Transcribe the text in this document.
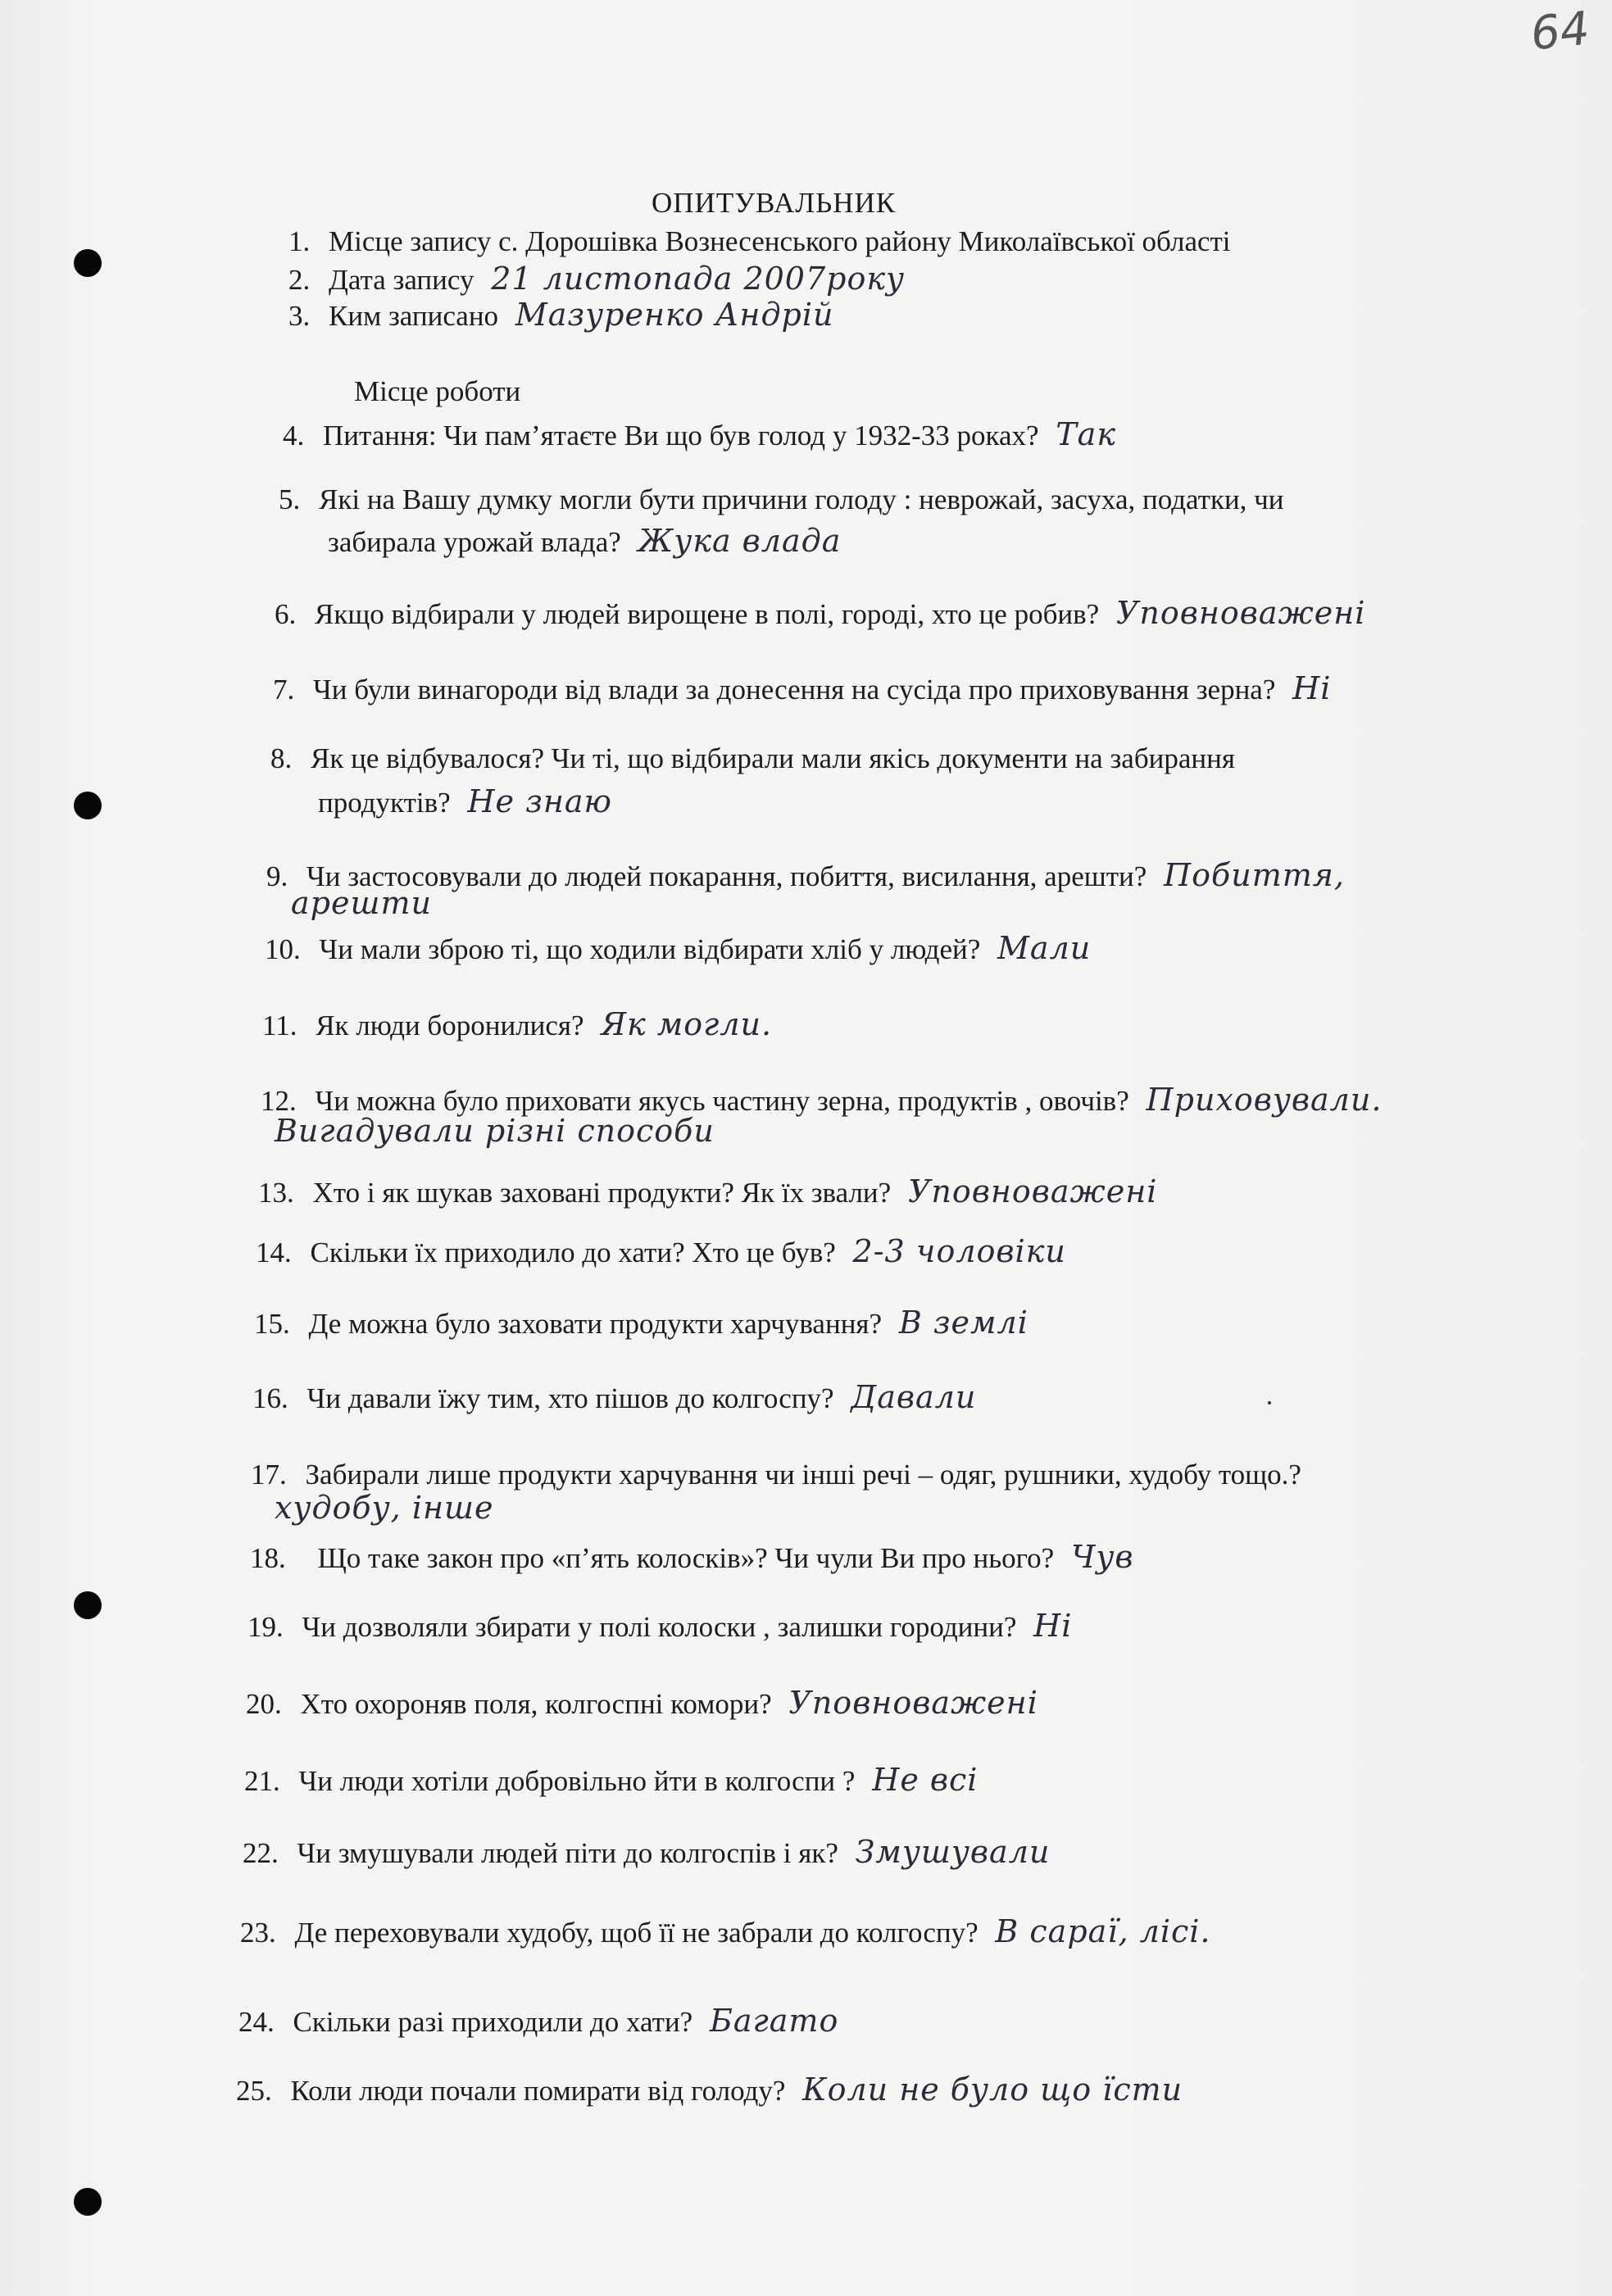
64
ОПИТУВАЛЬНИК
1. Місце запису с. Дорошівка Вознесенського району Миколаївської області
2. Дата запису 21 листопада 2007року
3. Ким записано Мазуренко Андрій
Місце роботи
4. Питання: Чи пам’ятаєте Ви що був голод у 1932-33 роках? Так
5. Які на Вашу думку могли бути причини голоду : неврожай, засуха, податки, чи
забирала урожай влада? Жука влада
6. Якщо відбирали у людей вирощене в полі, городі, хто це робив? Уповноважені
7. Чи були винагороди від влади за донесення на сусіда про приховування зерна? Ні
8. Як це відбувалося? Чи ті, що відбирали мали якісь документи на забирання
продуктів? Не знаю
9. Чи застосовували до людей покарання, побиття, висилання, арешти? Побиття,
арешти
10. Чи мали зброю ті, що ходили відбирати хліб у людей? Мали
11. Як люди боронилися? Як могли.
12. Чи можна було приховати якусь частину зерна, продуктів , овочів? Приховували.
Вигадували різні способи
13. Хто і як шукав заховані продукти? Як їх звали? Уповноважені
14. Скільки їх приходило до хати? Хто це був? 2-3 чоловіки
15. Де можна було заховати продукти харчування? В землі
16. Чи давали їжу тим, хто пішов до колгоспу? Давали
17. Забирали лише продукти харчування чи інші речі – одяг, рушники, худобу тощо.?
худобу, інше
18. Що таке закон про «п’ять колосків»? Чи чули Ви про нього? Чув
19. Чи дозволяли збирати у полі колоски , залишки городини? Ні
20. Хто охороняв поля, колгоспні комори? Уповноважені
21. Чи люди хотіли добровільно йти в колгоспи ? Не всі
22. Чи змушували людей піти до колгоспів і як? Змушували
23. Де переховували худобу, щоб її не забрали до колгоспу? В сараї, лісі.
24. Скільки разі приходили до хати? Багато
25. Коли люди почали помирати від голоду? Коли не було що їсти
